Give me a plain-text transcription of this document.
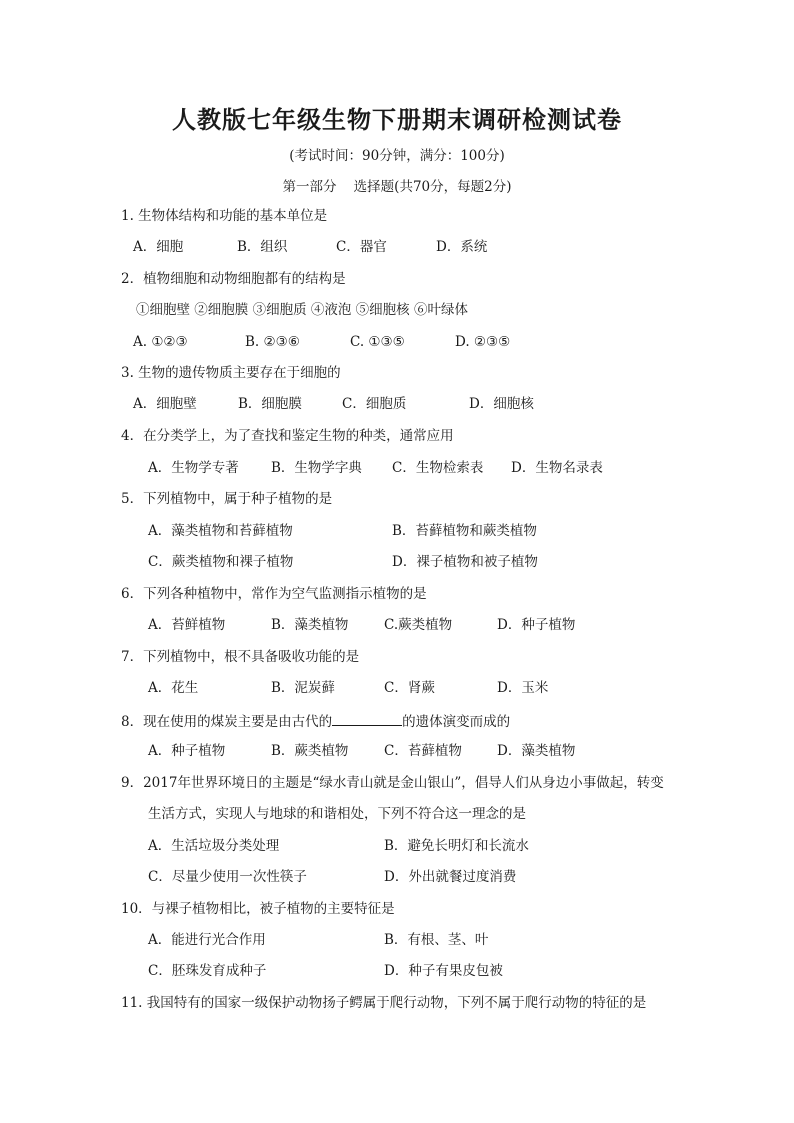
人教版七年级生物下册期末调研检测试卷
(考试时间：90分钟，满分：100分)
第一部分    选择题(共70分，每题2分)
1. 生物体结构和功能的基本单位是
A．细胞	B．组织	C．器官	D．系统
2．植物细胞和动物细胞都有的结构是
①细胞壁 ②细胞膜 ③细胞质 ④液泡 ⑤细胞核 ⑥叶绿体
A. ①②③	B. ②③⑥	C. ①③⑤	D. ②③⑤
3. 生物的遗传物质主要存在于细胞的
A．细胞壁	B．细胞膜	C．细胞质	D．细胞核
4．在分类学上，为了查找和鉴定生物的种类，通常应用
A．生物学专著 B．生物学字典 C．生物检索表 D．生物名录表
5．下列植物中，属于种子植物的是
A．藻类植物和苔藓植物	B．苔藓植物和蕨类植物
C．蕨类植物和裸子植物	D．裸子植物和被子植物
6．下列各种植物中，常作为空气监测指示植物的是
A．苔鲜植物	B．藻类植物	C.蕨类植物	D．种子植物
7．下列植物中，根不具备吸收功能的是
A．花生	B．泥炭藓	C．肾蕨	D．玉米
8．现在使用的煤炭主要是由古代的	的遗体演变而成的
A．种子植物	B．蕨类植物	C．苔藓植物	D．藻类植物
9．2017年世界环境日的主题是“绿水青山就是金山银山”，倡导人们从身边小事做起，转变
生活方式，实现人与地球的和谐相处，下列不符合这一理念的是
A．生活垃圾分类处理	B．避免长明灯和长流水
C．尽量少使用一次性筷子	D．外出就餐过度消费
10．与裸子植物相比，被子植物的主要特征是
A．能进行光合作用	B．有根、茎、叶
C．胚珠发育成种子	D．种子有果皮包被
11. 我国特有的国家一级保护动物扬子鳄属于爬行动物，下列不属于爬行动物的特征的是
